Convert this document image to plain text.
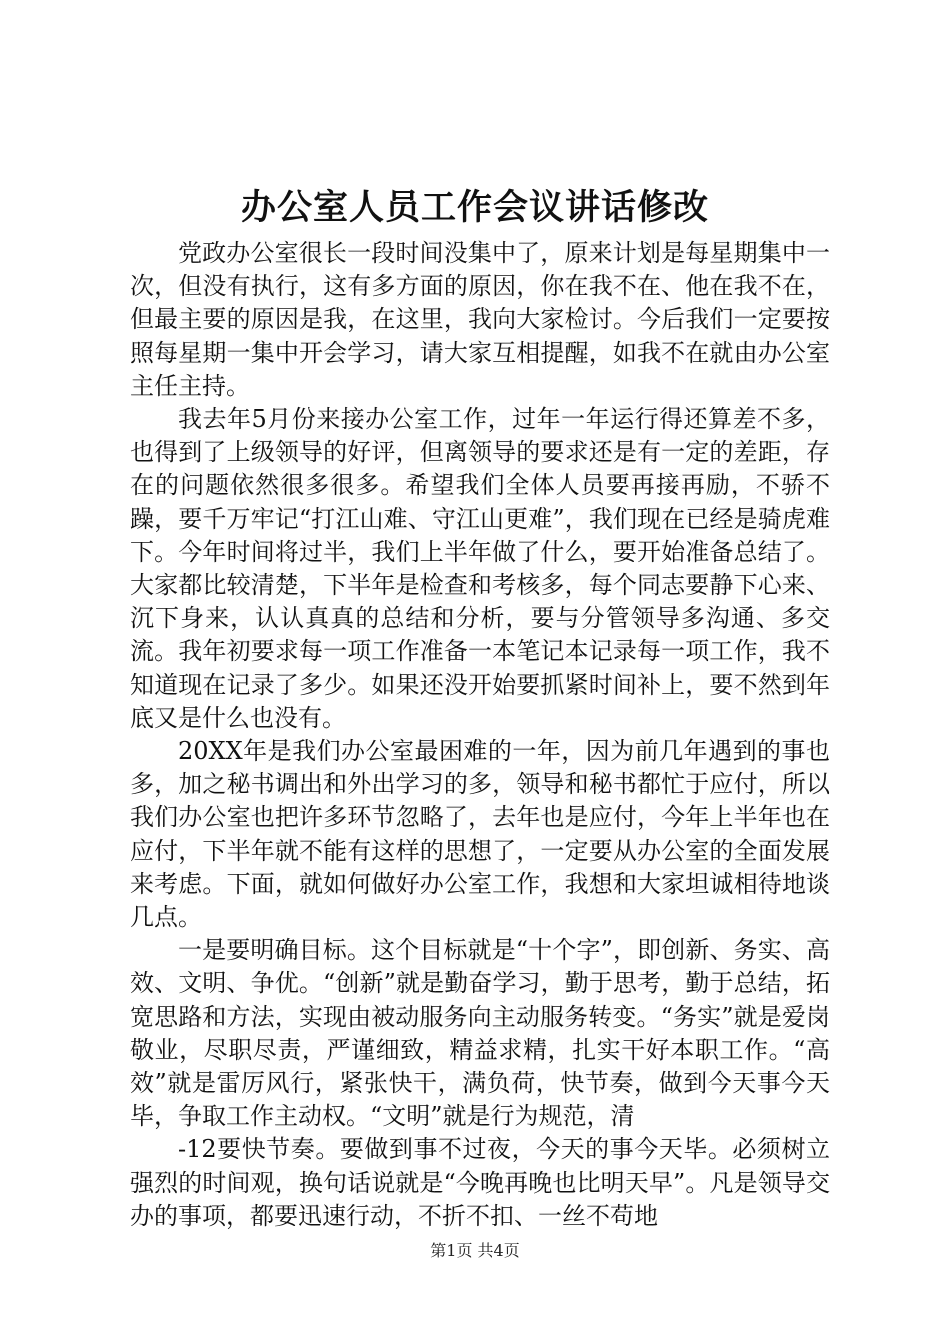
办公室人员工作会议讲话修改

党政办公室很长一段时间没集中了，原来计划是每星期集中一次，但没有执行，这有多方面的原因，你在我不在、他在我不在，但最主要的原因是我，在这里，我向大家检讨。今后我们一定要按照每星期一集中开会学习，请大家互相提醒，如我不在就由办公室主任主持。

我去年5月份来接办公室工作，过年一年运行得还算差不多，也得到了上级领导的好评，但离领导的要求还是有一定的差距，存在的问题依然很多很多。希望我们全体人员要再接再励，不骄不躁，要千万牢记“打江山难、守江山更难”，我们现在已经是骑虎难下。今年时间将过半，我们上半年做了什么，要开始准备总结了。大家都比较清楚，下半年是检查和考核多，每个同志要静下心来、沉下身来，认认真真的总结和分析，要与分管领导多沟通、多交流。我年初要求每一项工作准备一本笔记本记录每一项工作，我不知道现在记录了多少。如果还没开始要抓紧时间补上，要不然到年底又是什么也没有。

20XX年是我们办公室最困难的一年，因为前几年遇到的事也多，加之秘书调出和外出学习的多，领导和秘书都忙于应付，所以我们办公室也把许多环节忽略了，去年也是应付，今年上半年也在应付，下半年就不能有这样的思想了，一定要从办公室的全面发展来考虑。下面，就如何做好办公室工作，我想和大家坦诚相待地谈几点。

一是要明确目标。这个目标就是“十个字”，即创新、务实、高效、文明、争优。“创新”就是勤奋学习，勤于思考，勤于总结，拓宽思路和方法，实现由被动服务向主动服务转变。“务实”就是爱岗敬业，尽职尽责，严谨细致，精益求精，扎实干好本职工作。“高效”就是雷厉风行，紧张快干，满负荷，快节奏，做到今天事今天毕，争取工作主动权。“文明”就是行为规范，清

-12要快节奏。要做到事不过夜，今天的事今天毕。必须树立强烈的时间观，换句话说就是“今晚再晚也比明天早”。凡是领导交办的事项，都要迅速行动，不折不扣、一丝不苟地

第1页 共4页
